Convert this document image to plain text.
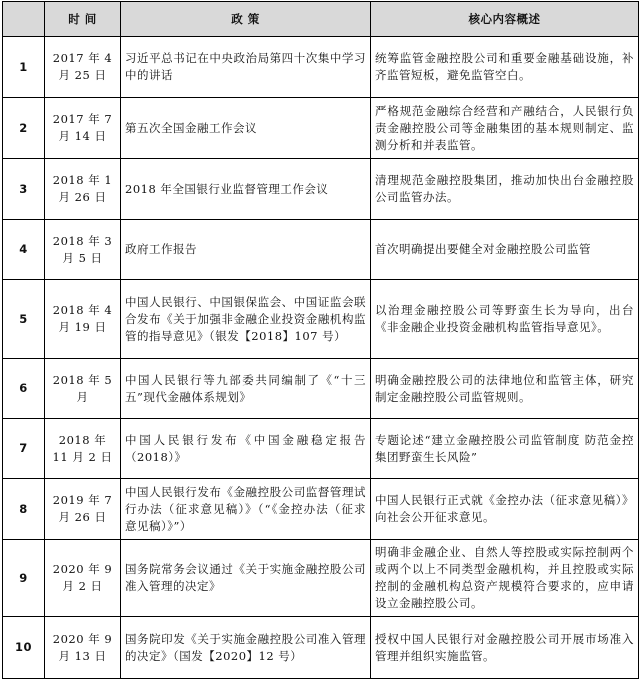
	时 间	政 策	核心内容概述
1	2017 年 4 月 25 日	习近平总书记在中央政治局第四十次集中学习中的讲话	统筹监管金融控股公司和重要金融基础设施，补齐监管短板，避免监管空白。
2	2017 年 7 月 14 日	第五次全国金融工作会议	严格规范金融综合经营和产融结合，人民银行负责金融控股公司等金融集团的基本规则制定、监测分析和并表监管。
3	2018 年 1 月 26 日	2018 年全国银行业监督管理工作会议	清理规范金融控股集团，推动加快出台金融控股公司监管办法。
4	2018 年 3 月 5 日	政府工作报告	首次明确提出要健全对金融控股公司监管
5	2018 年 4 月 19 日	中国人民银行、中国银保监会、中国证监会联合发布《关于加强非金融企业投资金融机构监管的指导意见》（银发【2018】107 号）	以治理金融控股公司等野蛮生长为导向，出台《非金融企业投资金融机构监管指导意见》。
6	2018 年 5 月	中国人民银行等九部委共同编制了《“十三五”现代金融体系规划》	明确金融控股公司的法律地位和监管主体，研究制定金融控股公司监管规则。
7	2018 年 11 月 2 日	中国人民银行发布《中国金融稳定报告（2018）》	专题论述“建立金融控股公司监管制度 防范金控集团野蛮生长风险”
8	2019 年 7 月 26 日	中国人民银行发布《金融控股公司监督管理试行办法（征求意见稿）》（“《金控办法（征求意见稿）》”）	中国人民银行正式就《金控办法（征求意见稿）》向社会公开征求意见。
9	2020 年 9 月 2 日	国务院常务会议通过《关于实施金融控股公司准入管理的决定》	明确非金融企业、自然人等控股或实际控制两个或两个以上不同类型金融机构，并且控股或实际控制的金融机构总资产规模符合要求的，应申请设立金融控股公司。
10	2020 年 9 月 13 日	国务院印发《关于实施金融控股公司准入管理的决定》（国发【2020】12 号）	授权中国人民银行对金融控股公司开展市场准入管理并组织实施监管。
